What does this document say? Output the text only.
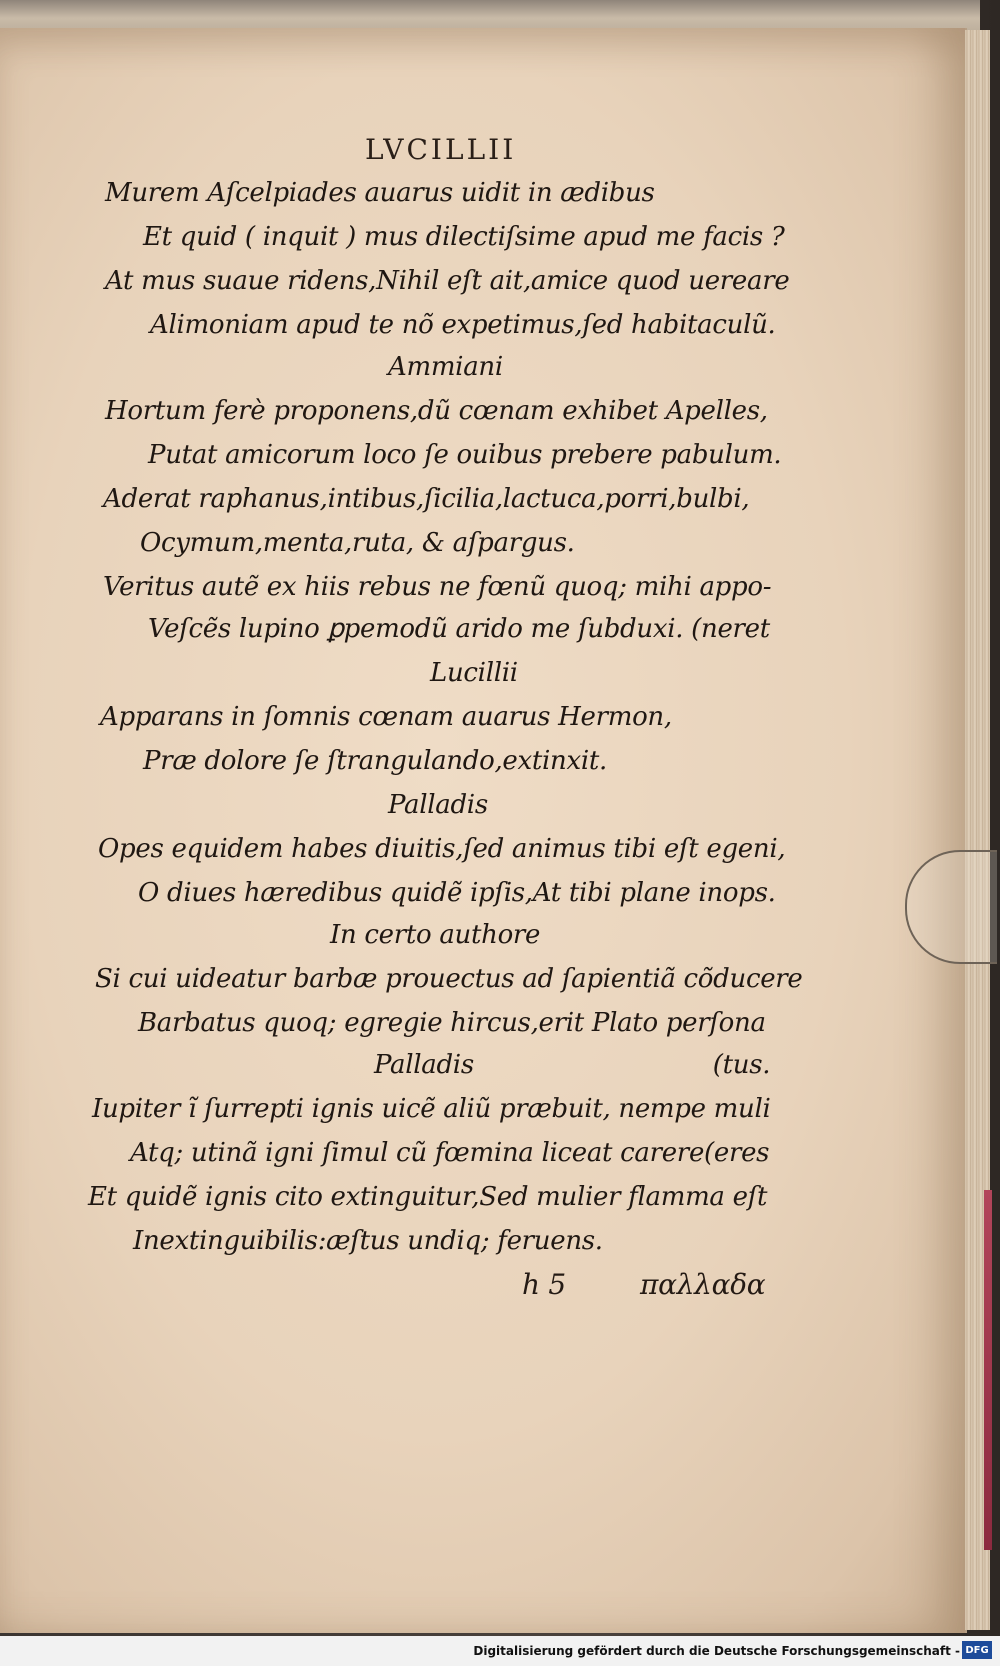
LVCILLII
Murem Aſcelpiades auarus uidit in ædibus
Et quid ( inquit ) mus dilectiſsime apud me facis ?
At mus suaue ridens,Nihil eſt ait,amice quod uereare
Alimoniam apud te nõ expetimus,ſed habitaculũ.
Ammiani
Hortum ferè proponens,dũ cœnam exhibet Apelles,
Putat amicorum loco ſe ouibus prebere pabulum.
Aderat raphanus,intibus,ſicilia,lactuca,porri,bulbi,
Ocymum,menta,ruta, & aſpargus.
Veritus autẽ ex hiis rebus ne fœnũ quoq; mihi appo-
Veſcẽs lupino ꝑpemodũ arido me ſubduxi. (neret
Lucillii
Apparans in ſomnis cœnam auarus Hermon,
Præ dolore ſe ſtrangulando,extinxit.
Palladis
Opes equidem habes diuitis,ſed animus tibi eſt egeni,
O diues hæredibus quidẽ ipſis,At tibi plane inops.
In certo authore
Si cui uideatur barbæ prouectus ad ſapientiã cõducere
Barbatus quoq; egregie hircus,erit Plato perſona
Palladis                              (tus.
Iupiter ĩ ſurrepti ignis uicẽ aliũ præbuit, nempe muli
Atq; utinã igni ſimul cũ fœmina liceat carere(eres
Et quidẽ ignis cito extinguitur,Sed mulier flamma eſt
Inextinguibilis:æſtus undiq; feruens.
h 5	παλλαδα
Digitalisierung gefördert durch die Deutsche Forschungsgemeinschaft - DFG
